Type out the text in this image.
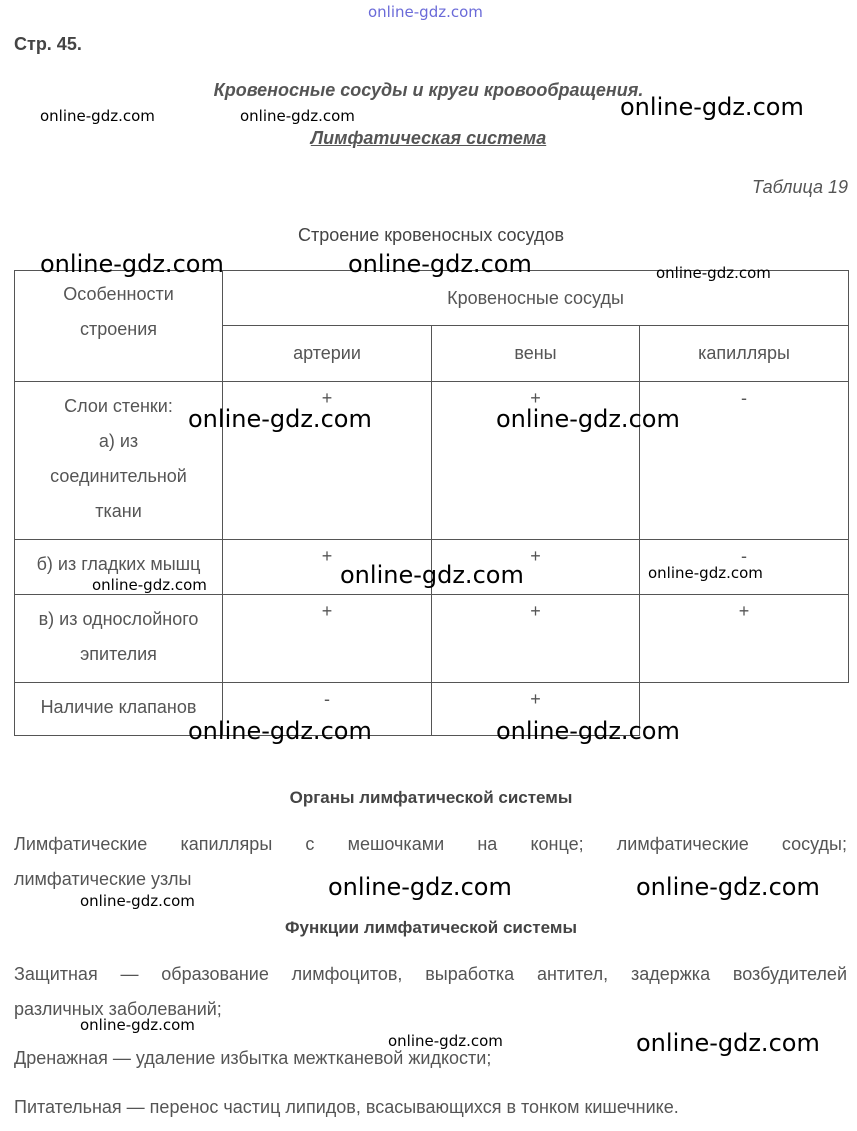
online-gdz.com
Стр. 45.
Кровеносные сосуды и круги кровообращения.
Лимфатическая система
Таблица 19
Строение кровеносных сосудов
Особенности
строения	Кровеносные сосуды		
	артерии	вены	капилляры

Слои стенки:
а) из
соединительной
ткани	+	+	-

б) из гладких мышц	+	+	-

в) из однослойного
эпителия	+	+	+

Наличие клапанов	-	+	
Органы лимфатической системы
Лимфатические капилляры с мешочками на конце; лимфатические сосуды;
лимфатические узлы
Функции лимфатической системы
Защитная — образование лимфоцитов, выработка антител, задержка возбудителей
различных заболеваний;
Дренажная — удаление избытка межтканевой жидкости;
Питательная — перенос частиц липидов, всасывающихся в тонком кишечнике.
online-gdz.com	online-gdz.com	online-gdz.com
online-gdz.com	online-gdz.com	online-gdz.com
online-gdz.com	online-gdz.com
online-gdz.com	online-gdz.com	online-gdz.com
online-gdz.com	online-gdz.com
online-gdz.com	online-gdz.com	online-gdz.com
online-gdz.com
online-gdz.com	online-gdz.com
